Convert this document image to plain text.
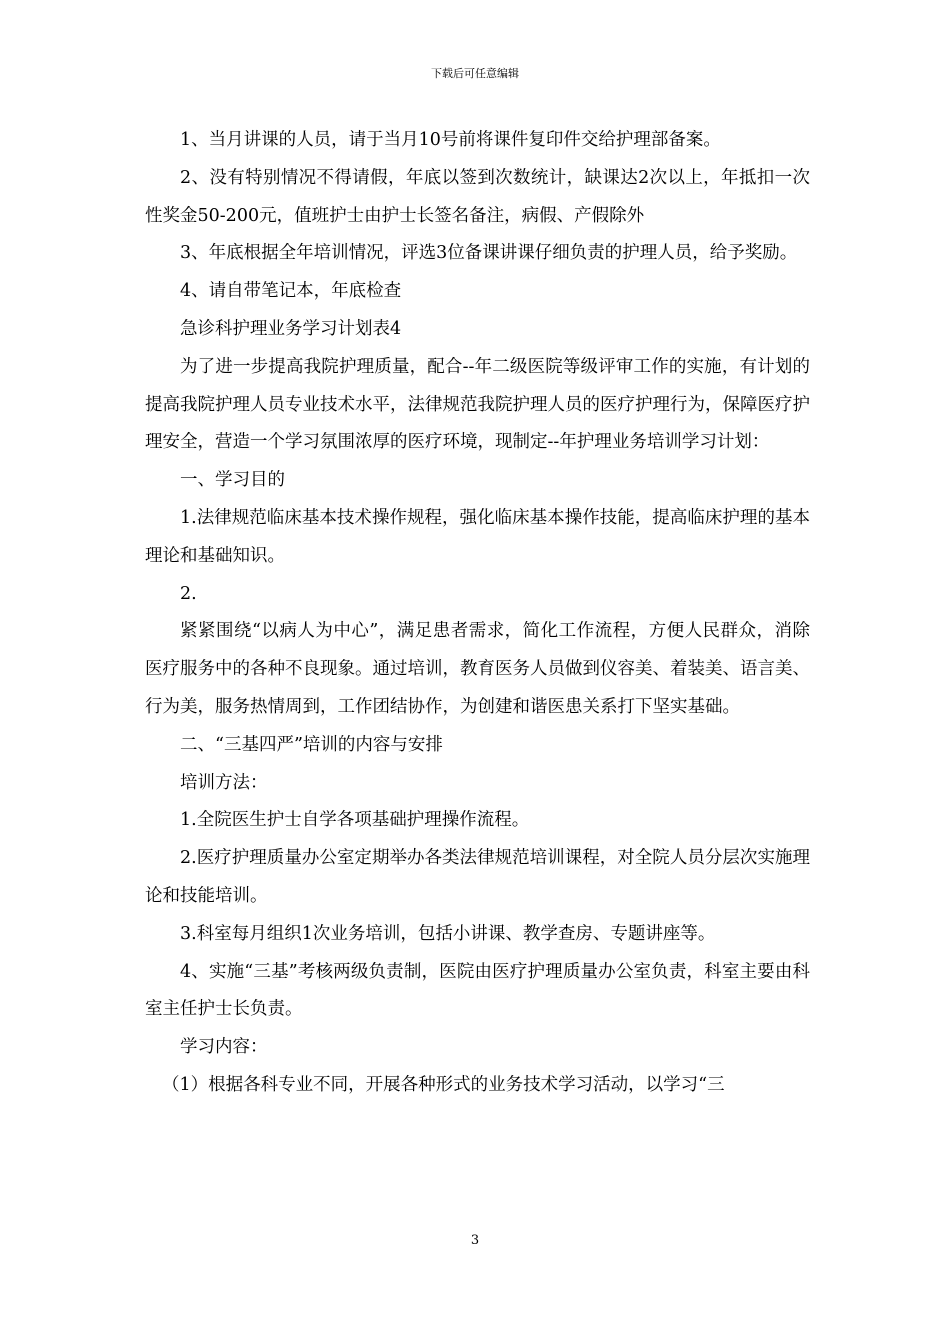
下载后可任意编辑

1、当月讲课的人员，请于当月10号前将课件复印件交给护理部备案。

2、没有特别情况不得请假，年底以签到次数统计，缺课达2次以上，年抵扣一次性奖金50-200元，值班护士由护士长签名备注，病假、产假除外

3、年底根据全年培训情况，评选3位备课讲课仔细负责的护理人员，给予奖励。

4、请自带笔记本，年底检查

急诊科护理业务学习计划表4

为了进一步提高我院护理质量，配合--年二级医院等级评审工作的实施，有计划的提高我院护理人员专业技术水平，法律规范我院护理人员的医疗护理行为，保障医疗护理安全，营造一个学习氛围浓厚的医疗环境，现制定--年护理业务培训学习计划：

一、学习目的

1.法律规范临床基本技术操作规程，强化临床基本操作技能，提高临床护理的基本理论和基础知识。

2.

紧紧围绕“以病人为中心”，满足患者需求，简化工作流程，方便人民群众，消除医疗服务中的各种不良现象。通过培训，教育医务人员做到仪容美、着装美、语言美、行为美，服务热情周到，工作团结协作，为创建和谐医患关系打下坚实基础。

二、“三基四严”培训的内容与安排

培训方法：

1.全院医生护士自学各项基础护理操作流程。

2.医疗护理质量办公室定期举办各类法律规范培训课程，对全院人员分层次实施理论和技能培训。

3.科室每月组织1次业务培训，包括小讲课、教学查房、专题讲座等。

4、实施“三基”考核两级负责制，医院由医疗护理质量办公室负责，科室主要由科室主任护士长负责。

学习内容：

（1）根据各科专业不同，开展各种形式的业务技术学习活动，以学习“三

3
